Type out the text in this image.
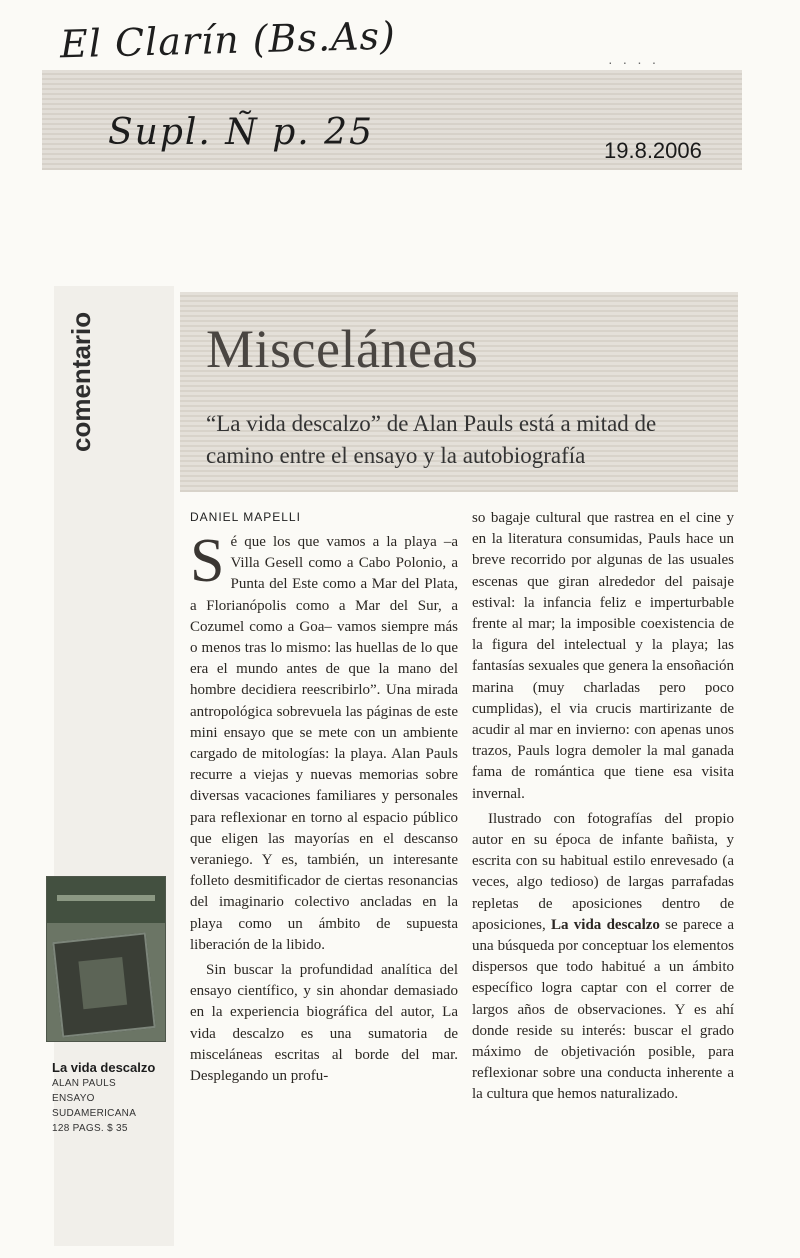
El Clarín (Bs.As)	· · · ·
Supl. Ñ p. 25	19.8.2006
comentario Misceláneas
“La vida descalzo” de Alan Pauls está a mitad de camino entre el ensayo y la autobiografía
DANIEL MAPELLI

Sé que los que vamos a la playa –a Villa Gesell como a Cabo Polonio, a Punta del Este como a Mar del Plata, a Florianópolis como a Mar del Sur, a Cozumel como a Goa– vamos siempre más o menos tras lo mismo: las huellas de lo que era el mundo antes de que la mano del hombre decidiera reescribirlo”. Una mirada antropológica sobrevuela las páginas de este mini ensayo que se mete con un ambiente cargado de mitologías: la playa. Alan Pauls recurre a viejas y nuevas memorias sobre diversas vacaciones familiares y personales para reflexionar en torno al espacio público que eligen las mayorías en el descanso veraniego. Y es, también, un interesante folleto desmitificador de ciertas resonancias del imaginario colectivo ancladas en la playa como un ámbito de supuesta liberación de la libido.

Sin buscar la profundidad analítica del ensayo científico, y sin ahondar demasiado en la experiencia biográfica del autor, La vida descalzo es una sumatoria de misceláneas escritas al borde del mar. Desplegando un profu-

so bagaje cultural que rastrea en el cine y en la literatura consumidas, Pauls hace un breve recorrido por algunas de las usuales escenas que giran alrededor del paisaje estival: la infancia feliz e imperturbable frente al mar; la imposible coexistencia de la figura del intelectual y la playa; las fantasías sexuales que genera la ensoñación marina (muy charladas pero poco cumplidas), el via crucis martirizante de acudir al mar en invierno: con apenas unos trazos, Pauls logra demoler la mal ganada fama de romántica que tiene esa visita invernal.

Ilustrado con fotografías del propio autor en su época de infante bañista, y escrita con su habitual estilo enrevesado (a veces, algo tedioso) de largas parrafadas repletas de aposiciones dentro de aposiciones, La vida descalzo se parece a una búsqueda por conceptuar los elementos dispersos que todo habitué a un ámbito específico logra captar con el correr de largos años de observaciones. Y es ahí donde reside su interés: buscar el grado máximo de objetivación posible, para reflexionar sobre una conducta inherente a la cultura que hemos naturalizado.

La vida descalzo
ALAN PAULS
ENSAYO
SUDAMERICANA
128 PAGS. $ 35
